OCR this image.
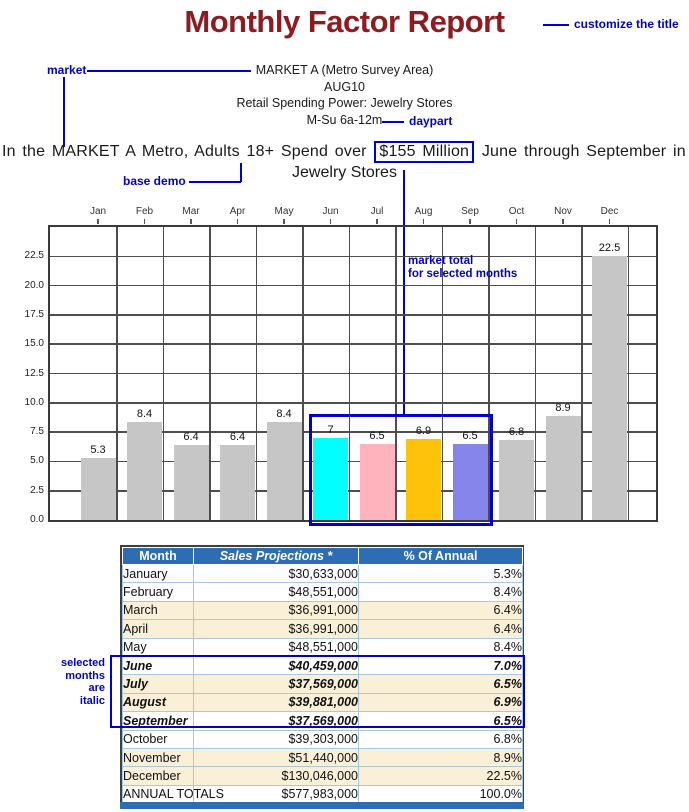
Monthly Factor Report	customize the title
MARKET A (Metro Survey Area)
AUG10
Retail Spending Power: Jewelry Stores
M-Su 6a-12m
market
daypart
In the MARKET A Metro, Adults 18+ Spend over $155 Million June through September in
Jewelry Stores
base demo
5.3
8.4
6.4	6.4
8.4
7	6.5	6.9	6.5	6.8
8.9
22.5
0.0
2.5
5.0
7.5
10.0
12.5
15.0
17.5
20.0
22.5
Jan	Feb	Mar	Apr	May	Jun	Jul	Aug	Sep	Oct	Nov	Dec
market total
for selected months
Month	Sales Projections *	% Of Annual
January	$30,633,000	5.3%
February	$48,551,000	8.4%
March	$36,991,000	6.4%
April	$36,991,000	6.4%
May	$48,551,000	8.4%
June	$40,459,000	7.0%
July	$37,569,000	6.5%
August	$39,881,000	6.9%
September	$37,569,000	6.5%
October	$39,303,000	6.8%
November	$51,440,000	8.9%
December	$130,046,000	22.5%
ANNUAL TOTALS	$577,983,000	100.0%
selected
months
are
italic
